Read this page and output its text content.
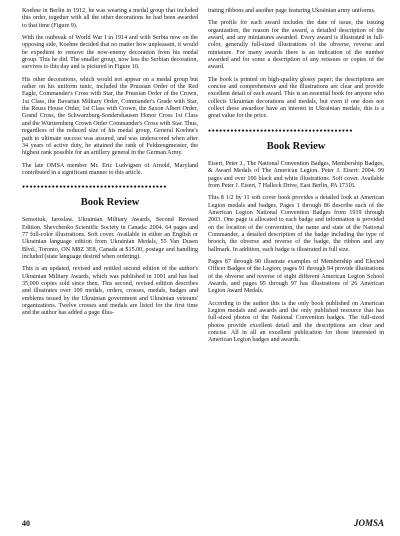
Koehne in Berlin in 1912, he was wearing a medal group that included this order, together with all the other decorations he had been awarded to that time (Figure 9).

With the outbreak of World War I in 1914 and with Serbia now on the opposing side, Koehne decided that no matter how unpleasant, it would be expedient to remove the now-enemy decoration from his medal group. This he did. The smaller group, now less the Serbian decoration, survives to this day and is pictured in Figure 10.

His other decorations, which would not appear on a medal group but rather on his uniform tunic, included the Prussian Order of the Red Eagle, Commander's Cross with Star, the Prussian Order of the Crown, 1st Class, the Bavarian Military Order, Commander's Grade with Star, the Reuss House Order, 1st Class with Crown, the Saxon Albert Order, Grand Cross, the Schwarzburg-Sondershausen Honor Cross 1st Class and the Württemberg Crown Order Commander's Cross with Star. Thus, regardless of the reduced size of his medal group, General Koehne's path to ultimate success was assured, and was underscored when after 34 years of active duty, he attained the rank of Feldzeugmeister, the highest rank possible for an artillery general in the German Army.

The late OMSA member Mr. Eric Ludvigsen of Arnold, Maryland contributed in a significant manner to this article.

●●●●●●●●●●●●●●●●●●●●●●●●●●●●●●●●●●●●●●●
Book Review

Semotiuk, Iaroslaw. Ukrainian Military Awards, Second Revised Edition. Shevchenko Scientific Society in Canada: 2004. 64 pages and 77 full-color illustrations. Soft cover. Available in either an English or Ukrainian language edition from Ukrainian Medals, 55 Van Dusen Blvd., Toronto, ON M8Z 3E8, Canada at $15.00, postage and handling included (state language desired when ordering).

This is an updated, revised and retitled second edition of the author's Ukrainian Military Awards, which was published in 1991 and has had 35,000 copies sold since then. This second, revised edition describes and illustrates over 100 medals, orders, crosses, medals, badges and emblems issued by the Ukrainian government and Ukrainian veterans' organizations. Twelve crosses and medals are listed for the first time and the author has added a page illus-

trating ribbons and another page featuring Ukrainian army uniforms.

The profile for each award includes the date of issue, the issuing organization, the reason for the award, a detailed description of the award, and any miniatures awarded. Every award is illustrated in full-color, generally full-sized illustrations of the obverse, reverse and miniature. For many awards there is an indication of the number awarded and for some a description of any reissues or copies of the award.

The book is printed on high-quality glossy paper; the descriptions are concise and comprehensive and the illustrations are clear and provide excellent detail of each award. This is an essential book for anyone who collects Ukrainian decorations and medals, but even if one does not collect these awardsor have an interest in Ukrainian medals, this is a great value for the price.

●●●●●●●●●●●●●●●●●●●●●●●●●●●●●●●●●●●●●●●
Book Review

Eisert, Peter J., The National Convention Badges, Membership Badges, & Award Medals of The American Legion. Peter J. Eisert: 2004. 99 pages and over 100 black and white illustrations. Soft cover. Available from Peter J. Eisert, 7 Halleck Drive, East Berlin, PA 17316.

This 8 1/2 by 11 soft cover book provides a detailed look at American Legion medals and badges. Pages 1 through 86 describe each of the American Legion National Convention Badges from 1919 through 2003. One page is allocated to each badge and information is provided on the location of the convention, the name and state of the National Commander, a detailed description of the badge including the type of brooch, the obverse and reverse of the badge, the ribbon and any hallmark. In addition, each badge is illustrated in full size.

Pages 87 through 90 illustrate examples of Membership and Elected Officer Badges of the Legion; pages 91 through 94 provide illustrations of the obverse and reverse of eight different American Legion School Awards, and pages 95 through 97 has illustrations of 26 American Legion Award Medals.

According to the author this is the only book published on American Legion medals and awards and the only published resource that has full-sized photos of the National Convention badges. The full-sized photos provide excellent detail and the descriptions are clear and concise. All in all an excellent publication for those interested in American Legion badges and awards.

40	JOMSA
